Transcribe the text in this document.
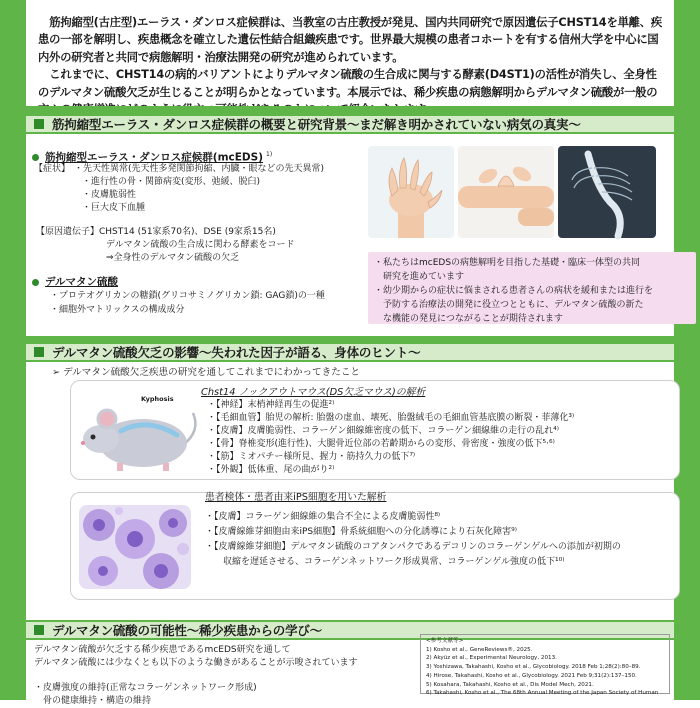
筋拘縮型(古庄型)エーラス・ダンロス症候群は、当教室の古庄教授が発見、国内共同研究で原因遺伝子CHST14を単離、疾患の一部を解明し、疾患概念を確立した遺伝性結合組織疾患です。世界最大規模の患者コホートを有する信州大学を中心に国内外の研究者と共同で病態解明・治療法開発の研究が進められています。

これまでに、CHST14の病的バリアントによりデルマタン硫酸の生合成に関与する酵素(D4ST1)の活性が消失し、全身性のデルマタン硫酸欠乏が生じることが明らかとなっています。本展示では、稀少疾患の病態解明からデルマタン硫酸が一般の

筋拘縮型エーラス・ダンロス症候群の概要と研究背景〜まだ解き明かされていない病気の真実〜
筋拘縮型エーラス・ダンロス症候群(mcEDS) $^{1)}$
【症状】 ・先天性異常(先天性多発関節拘縮、内臓・眼などの先天異常)
・進行性の骨・関節病変(変形、弛緩、脱臼)
・皮膚脆弱性
・巨大皮下血腫
【原因遺伝子】CHST14 (51家系70名)、DSE (9家系15名)
デルマタン硫酸の生合成に関わる酵素をコード
⇒全身性のデルマタン硫酸の欠乏
デルマタン硫酸
・プロテオグリカンの糖鎖(グリコサミノグリカン鎖: GAG鎖)の一種
・細胞外マトリックスの構成成分
・私たちはmcEDSの病態解明を目指した基礎・臨床一体型の共同
　研究を進めています
・幼少期からの症状に悩まされる患者さんの病状を緩和または進行を
　予防する治療法の開発に役立つとともに、デルマタン硫酸の新た
　な機能の発見につながることが期待されます
デルマタン硫酸欠乏の影響〜失われた因子が語る、身体のヒント〜
➢ デルマタン硫酸欠乏疾患の研究を通してこれまでにわかってきたこと
Kyphosis
Chst14 ノックアウトマウス(DS欠乏マウス)の解析
・【神経】末梢神経再生の促進²⁾
・【毛細血管】胎児の解析: 胎盤の虚血、壊死、胎盤絨毛の毛細血管基底膜の断裂・菲薄化³⁾
・【皮膚】皮膚脆弱性、コラーゲン細線維密度の低下、コラーゲン細線維の走行の乱れ⁴⁾
・【骨】脊椎変形(進行性)、大腿骨近位部の若齢期からの変形、骨密度・強度の低下⁵·⁶⁾
・【筋】ミオパチー様所見、握力・筋持久力の低下⁷⁾
・【外観】低体重、尾の曲がり²⁾
患者検体・患者由来iPS細胞を用いた解析
・【皮膚】コラーゲン細線維の集合不全による皮膚脆弱性⁸⁾
・【皮膚線維芽細胞由来iPS細胞】骨系統細胞への分化誘導により石灰化障害⁹⁾
・【皮膚線維芽細胞】デルマタン硫酸のコアタンパクであるデコリンのコラーゲンゲルへの添加が初期の
　　収縮を遅延させる、コラーゲンネットワーク形成異常、コラーゲンゲル強度の低下¹⁰⁾
デルマタン硫酸の可能性〜稀少疾患からの学び〜
デルマタン硫酸が欠乏する稀少疾患であるmcEDS研究を通して
デルマタン硫酸には少なくとも以下のような働きがあることが示唆されています
・皮膚強度の維持(正常なコラーゲンネットワーク形成)
　骨の健康維持・構造の維持
<参考文献等>
1) Kosho et al., GeneReviews®, 2025.
2) Akyüz et al., Experimental Neurology, 2013.
3) Yoshizawa, Takahashi, Kosho et al., Glycobiology. 2018 Feb 1;28(2):80–89.
4) Hirose, Takahashi, Kosho et al., Glycobiology. 2021 Feb 9;31(2):137–150.
5) Kosahara, Takahashi, Kosho et al., Dis Model Mech, 2021.
6) Takahashi, Kosho et al., The 68th Annual Meeting of the Japan Society of Human
